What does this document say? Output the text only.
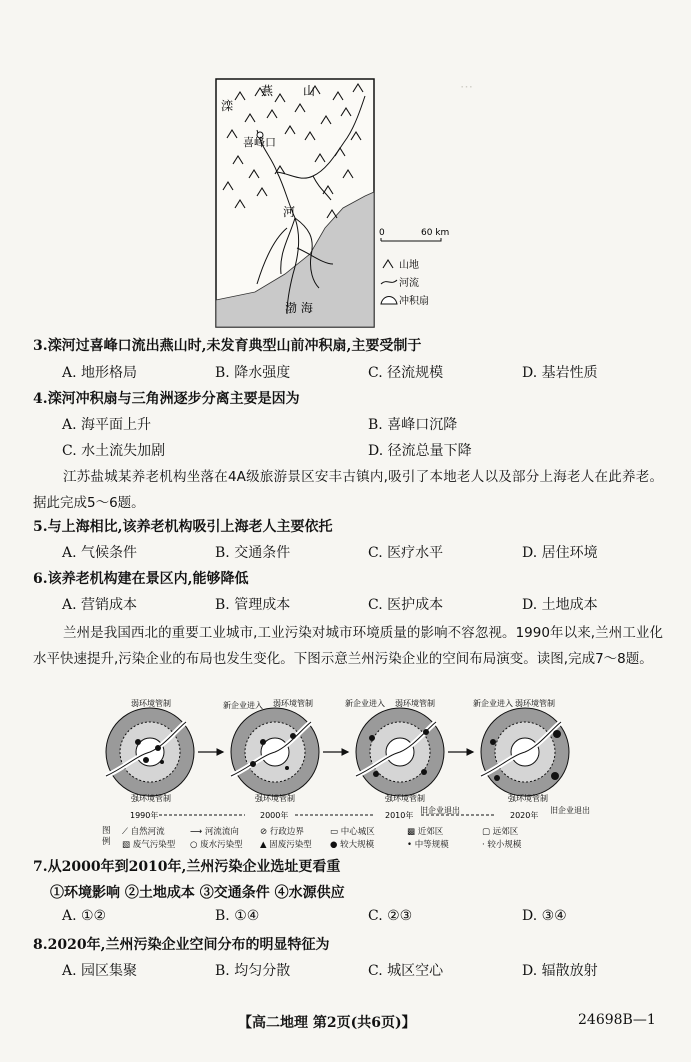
⋯
燕 山
滦
喜峰口
河
渤 海
0	60 km
山地
河流
冲积扇
3.滦河过喜峰口流出燕山时,未发育典型山前冲积扇,主要受制于
A. 地形格局	B. 降水强度	C. 径流规模	D. 基岩性质
4.滦河冲积扇与三角洲逐步分离主要是因为
A. 海平面上升	B. 喜峰口沉降
C. 水土流失加剧	D. 径流总量下降
江苏盐城某养老机构坐落在4A级旅游景区安丰古镇内,吸引了本地老人以及部分上海老人在此养老。据此完成5～6题。
5.与上海相比,该养老机构吸引上海老人主要依托
A. 气候条件	B. 交通条件	C. 医疗水平	D. 居住环境
6.该养老机构建在景区内,能够降低
A. 营销成本	B. 管理成本	C. 医护成本	D. 土地成本
兰州是我国西北的重要工业城市,工业污染对城市环境质量的影响不容忽视。1990年以来,兰州工业化水平快速提升,污染企业的布局也发生变化。下图示意兰州污染企业的空间布局演变。读图,完成7～8题。
弱环境管制
强环境管制
新企业进入 弱环境管制
强环境管制
新企业进入 弱环境管制
强环境管制
旧企业退出
新企业进入 弱环境管制
强环境管制
旧企业退出
1990年	2000年	2010年	2020年
图 例
⟋ 自然河流	⟶ 河流流向 ⊘ 行政边界	▭ 中心城区	▩ 近郊区	▢ 远郊区
▧ 废气污染型 ○ 废水污染型 ▲ 固废污染型 ● 较大规模	• 中等规模	· 较小规模
7.从2000年到2010年,兰州污染企业选址更看重
①环境影响 ②土地成本 ③交通条件 ④水源供应
A. ①②	B. ①④	C. ②③	D. ③④
8.2020年,兰州污染企业空间分布的明显特征为
A. 园区集聚	B. 均匀分散	C. 城区空心	D. 辐散放射
【高二地理 第2页(共6页)】	24698B—1
